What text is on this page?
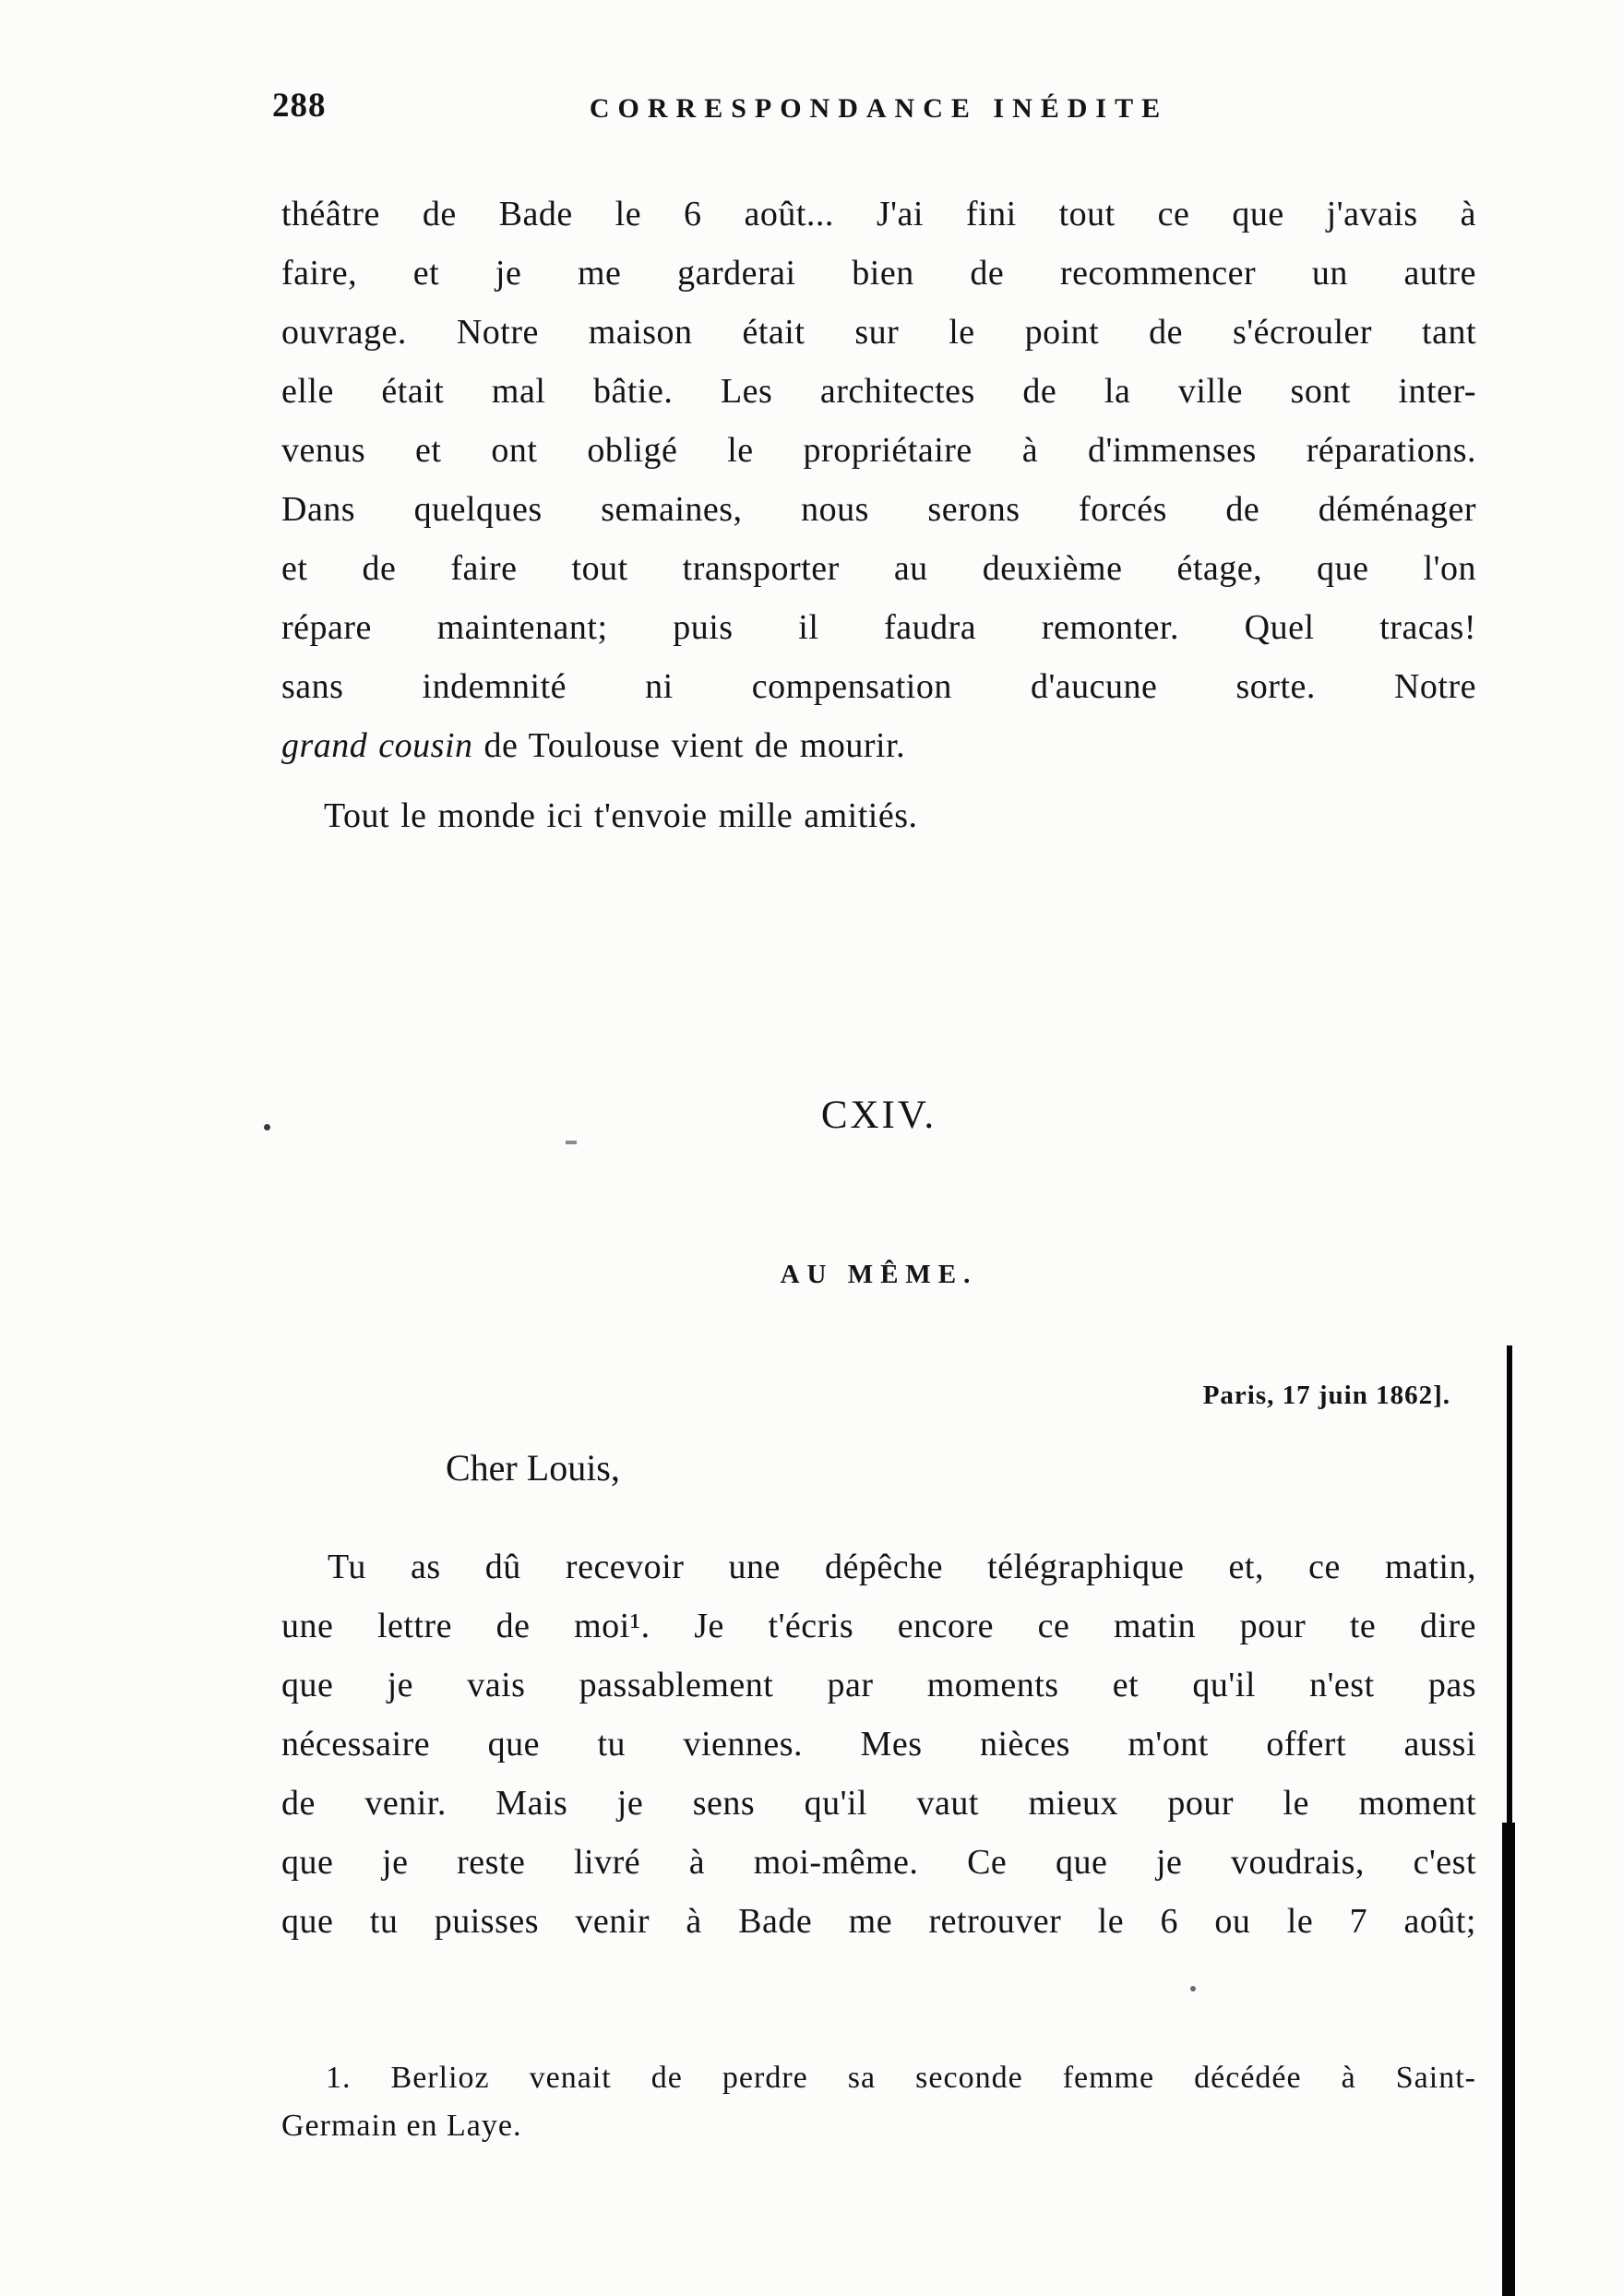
288	CORRESPONDANCE INÉDITE
théâtre de Bade le 6 août... J'ai fini tout ce que j'avais à
faire, et je me garderai bien de recommencer un autre
ouvrage. Notre maison était sur le point de s'écrouler tant
elle était mal bâtie. Les architectes de la ville sont inter-
venus et ont obligé le propriétaire à d'immenses réparations.
Dans quelques semaines, nous serons forcés de déménager
et de faire tout transporter au deuxième étage, que l'on
répare maintenant; puis il faudra remonter. Quel tracas!
sans indemnité ni compensation d'aucune sorte. Notre
grand cousin de Toulouse vient de mourir.
Tout le monde ici t'envoie mille amitiés.
CXIV.
AU MÊME.
Paris, 17 juin 1862].
Cher Louis,
Tu as dû recevoir une dépêche télégraphique et, ce matin,
une lettre de moi¹. Je t'écris encore ce matin pour te dire
que je vais passablement par moments et qu'il n'est pas
nécessaire que tu viennes. Mes nièces m'ont offert aussi
de venir. Mais je sens qu'il vaut mieux pour le moment
que je reste livré à moi-même. Ce que je voudrais, c'est
que tu puisses venir à Bade me retrouver le 6 ou le 7 août;
1. Berlioz venait de perdre sa seconde femme décédée à Saint-
Germain en Laye.
